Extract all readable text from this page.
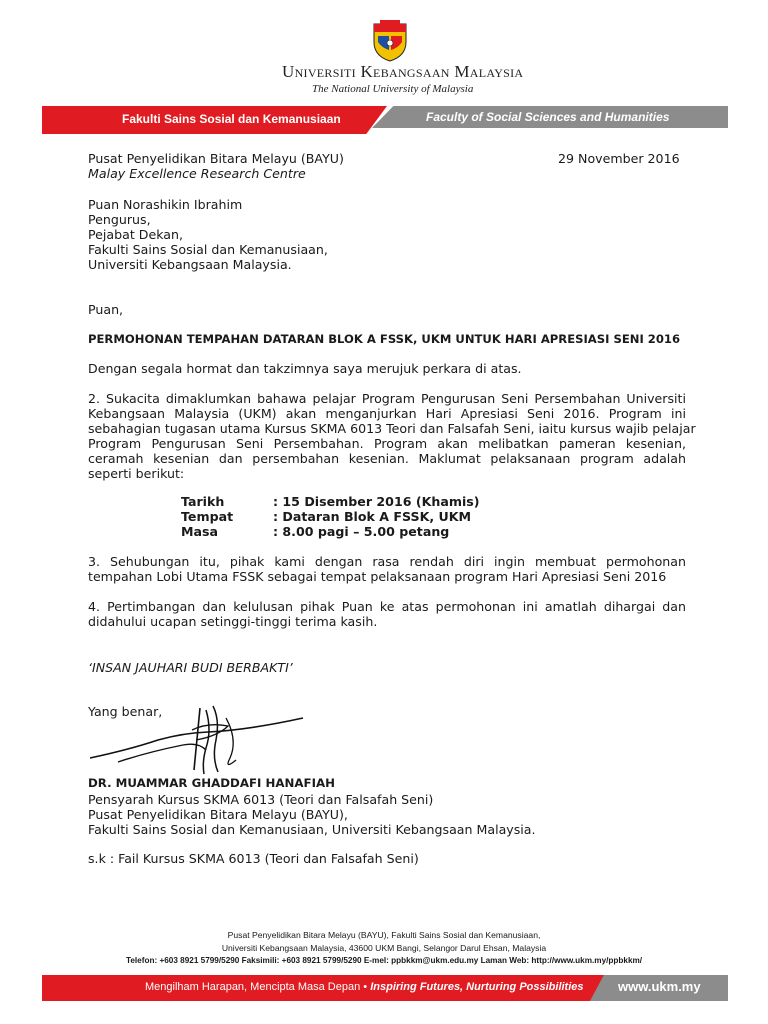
Universiti Kebangsaan Malaysia
The National University of Malaysia
Fakulti Sains Sosial dan Kemanusiaan	Faculty of Social Sciences and Humanities
Pusat Penyelidikan Bitara Melayu (BAYU)
Malay Excellence Research Centre
29 November 2016
Puan Norashikin Ibrahim
Pengurus,
Pejabat Dekan,
Fakulti Sains Sosial dan Kemanusiaan,
Universiti Kebangsaan Malaysia.
Puan,
PERMOHONAN TEMPAHAN DATARAN BLOK A FSSK, UKM UNTUK HARI APRESIASI SENI 2016
Dengan segala hormat dan takzimnya saya merujuk perkara di atas.
2. Sukacita dimaklumkan bahawa pelajar Program Pengurusan Seni Persembahan Universiti
Kebangsaan Malaysia (UKM) akan menganjurkan Hari Apresiasi Seni 2016. Program ini
sebahagian tugasan utama Kursus SKMA 6013 Teori dan Falsafah Seni, iaitu kursus wajib pelajar
Program Pengurusan Seni Persembahan. Program akan melibatkan pameran kesenian,
ceramah kesenian dan persembahan kesenian. Maklumat pelaksanaan program adalah
seperti berikut:
Tarikh	: 15 Disember 2016 (Khamis)
Tempat	: Dataran Blok A FSSK, UKM
Masa	: 8.00 pagi – 5.00 petang
3. Sehubungan itu, pihak kami dengan rasa rendah diri ingin membuat permohonan
tempahan Lobi Utama FSSK sebagai tempat pelaksanaan program Hari Apresiasi Seni 2016
4. Pertimbangan dan kelulusan pihak Puan ke atas permohonan ini amatlah dihargai dan
didahului ucapan setinggi-tinggi terima kasih.
‘INSAN JAUHARI BUDI BERBAKTI’
Yang benar,
DR. MUAMMAR GHADDAFI HANAFIAH
Pensyarah Kursus SKMA 6013 (Teori dan Falsafah Seni)
Pusat Penyelidikan Bitara Melayu (BAYU),
Fakulti Sains Sosial dan Kemanusiaan, Universiti Kebangsaan Malaysia.
s.k : Fail Kursus SKMA 6013 (Teori dan Falsafah Seni)
Pusat Penyelidikan Bitara Melayu (BAYU), Fakulti Sains Sosial dan Kemanusiaan,
Universiti Kebangsaan Malaysia, 43600 UKM Bangi, Selangor Darul Ehsan, Malaysia
Telefon: +603 8921 5799/5290 Faksimili: +603 8921 5799/5290 E-mel: ppbkkm@ukm.edu.my Laman Web: http://www.ukm.my/ppbkkm/
Mengilham Harapan, Mencipta Masa Depan • Inspiring Futures, Nurturing Possibilities	www.ukm.my
